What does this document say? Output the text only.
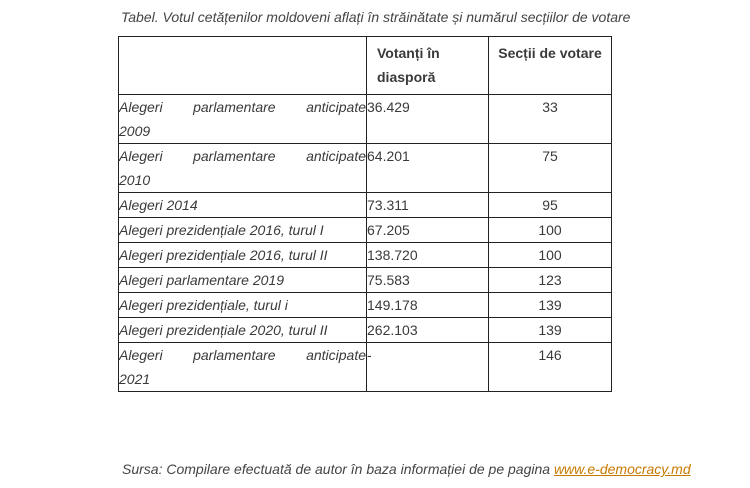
Tabel. Votul cetățenilor moldoveni aflați în străinătate și numărul secțiilor de votare

	Votanți în
diasporă	Secții de votare

Alegeri parlamentare anticipate
2009	36.429	33

Alegeri parlamentare anticipate
2010	64.201	75

Alegeri 2014	73.311	95

Alegeri prezidențiale 2016, turul I	67.205	100

Alegeri prezidențiale 2016, turul II	138.720	100

Alegeri parlamentare 2019	75.583	123

Alegeri prezidențiale, turul i	149.178	139

Alegeri prezidențiale 2020, turul II	262.103	139

Alegeri parlamentare anticipate
2021	-	146
Sursa: Compilare efectuată de autor în baza informației de pe pagina www.e-democracy.md
